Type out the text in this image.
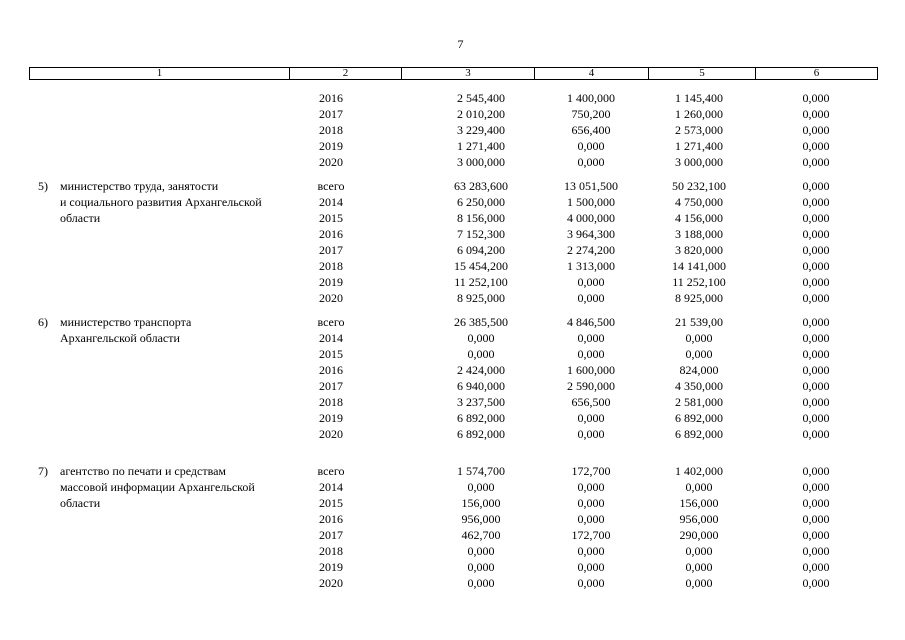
7
1	2	3	4	5	6
2016	2 545,400	1 400,000	1 145,400	0,000
2017	2 010,200	750,200	1 260,000	0,000
2018	3 229,400	656,400	2 573,000	0,000
2019	1 271,400	0,000	1 271,400	0,000
2020	3 000,000	0,000	3 000,000	0,000
5) министерство труда, занятости
и социального развития Архангельской
области
всего	63 283,600	13 051,500	50 232,100	0,000
2014	6 250,000	1 500,000	4 750,000	0,000
2015	8 156,000	4 000,000	4 156,000	0,000
2016	7 152,300	3 964,300	3 188,000	0,000
2017	6 094,200	2 274,200	3 820,000	0,000
2018	15 454,200	1 313,000	14 141,000	0,000
2019	11 252,100	0,000	11 252,100	0,000
2020	8 925,000	0,000	8 925,000	0,000
6) министерство транспорта
Архангельской области
всего	26 385,500	4 846,500	21 539,00	0,000
2014	0,000	0,000	0,000	0,000
2015	0,000	0,000	0,000	0,000
2016	2 424,000	1 600,000	824,000	0,000
2017	6 940,000	2 590,000	4 350,000	0,000
2018	3 237,500	656,500	2 581,000	0,000
2019	6 892,000	0,000	6 892,000	0,000
2020	6 892,000	0,000	6 892,000	0,000
7) агентство по печати и средствам
массовой информации Архангельской
области
всего	1 574,700	172,700	1 402,000	0,000
2014	0,000	0,000	0,000	0,000
2015	156,000	0,000	156,000	0,000
2016	956,000	0,000	956,000	0,000
2017	462,700	172,700	290,000	0,000
2018	0,000	0,000	0,000	0,000
2019	0,000	0,000	0,000	0,000
2020	0,000	0,000	0,000	0,000
